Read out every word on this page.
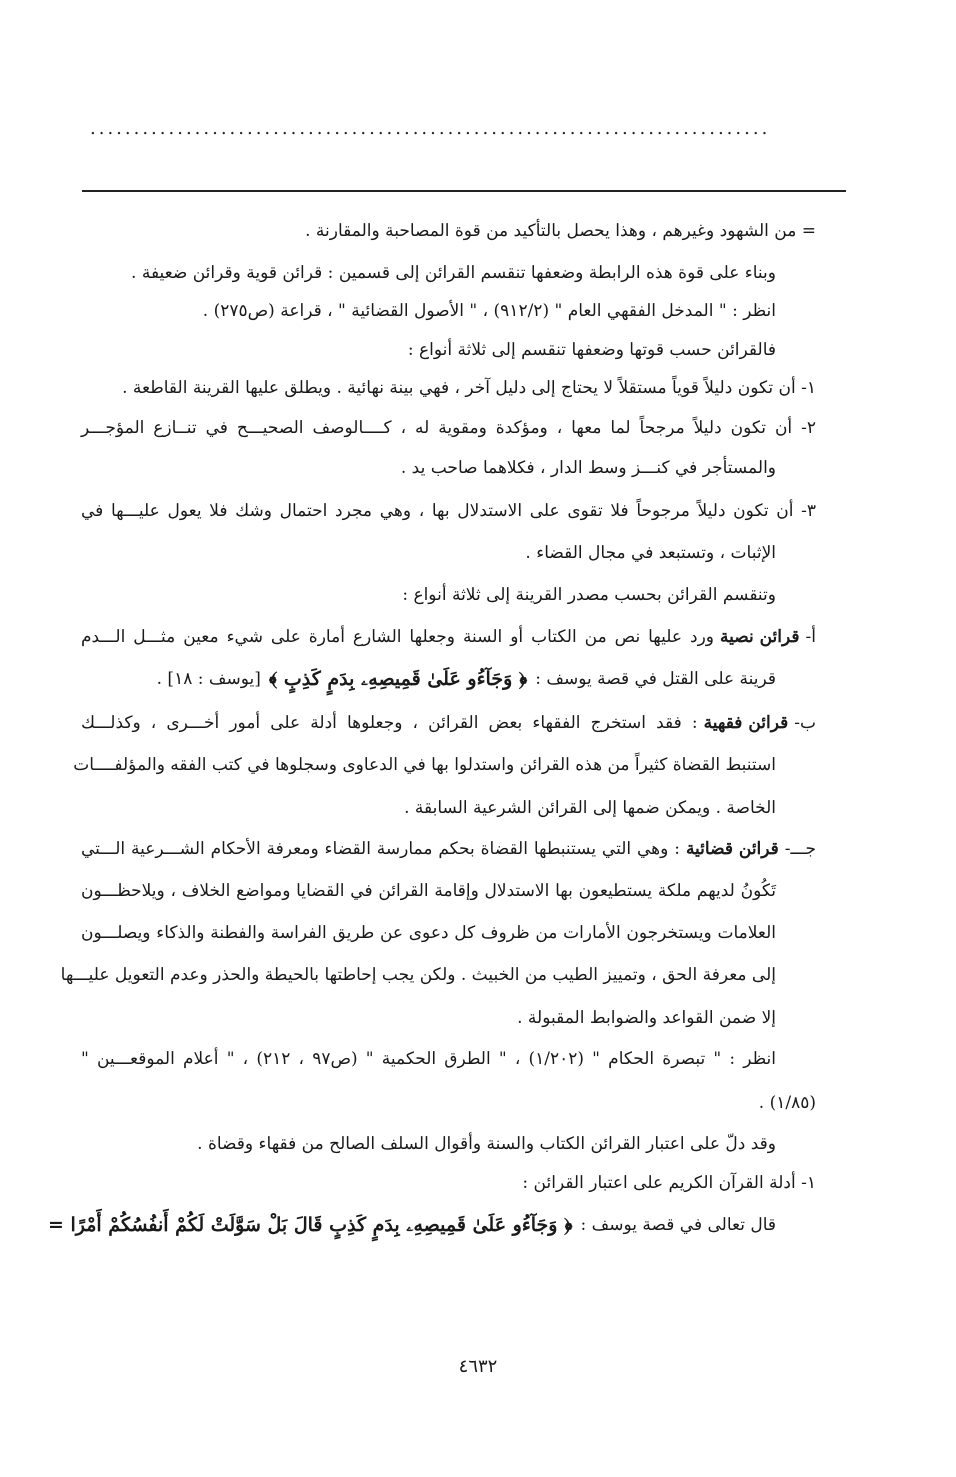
..............................................................................
= من الشهود وغيرهم ، وهذا يحصل بالتأكيد من قوة المصاحبة والمقارنة .
وبناء على قوة هذه الرابطة وضعفها تنقسم القرائن إلى قسمين : قرائن قوية وقرائن ضعيفة .
انظر : " المدخل الفقهي العام " (٢/٢‏٩١) ، " الأصول القضائية " ، قراعة (ص٢٧٥) .
فالقرائن حسب قوتها وضعفها تنقسم إلى ثلاثة أنواع :
١- أن تكون دليلاً قوياً مستقلاً لا يحتاج إلى دليل آخر ، فهي بينة نهائية . ويطلق عليها القرينة القاطعة .
٢- أن تكون دليلاً مرجحاً لما معها ، ومؤكدة ومقوية له ، كــــالوصف الصحيـــح في تنــازع المؤجـــر
والمستأجر في كنـــز وسط الدار ، فكلاهما صاحب يد .
٣- أن تكون دليلاً مرجوحاً فلا تقوى على الاستدلال بها ، وهي مجرد احتمال وشك فلا يعول عليـــها في
الإثبات ، وتستبعد في مجال القضاء .
وتنقسم القرائن بحسب مصدر القرينة إلى ثلاثة أنواع :
أ-
قرائن نصية
ورد عليها نص من الكتاب أو السنة وجعلها الشارع أمارة على شيء معين مثـــل الـــدم
قرينة على القتل في قصة يوسف :
﴿ وَجَآءُو عَلَىٰ قَمِيصِهِۦ بِدَمٍ كَذِبٍ ﴾
[يوسف : ١٨] .
ب-
قرائن فقهية
: فقد استخرج الفقهاء بعض القرائن ، وجعلوها أدلة على أمور أخـــرى ، وكذلـــك
استنبط القضاة كثيراً من هذه القرائن واستدلوا بها في الدعاوى وسجلوها في كتب الفقه والمؤلفــــات
الخاصة . ويمكن ضمها إلى القرائن الشرعية السابقة .
جـــ-
قرائن قضائية
: وهي التي يستنبطها القضاة بحكم ممارسة القضاء ومعرفة الأحكام الشـــرعية الـــتي
تَكُونُ لديهم ملكة يستطيعون بها الاستدلال وإقامة القرائن في القضايا ومواضع الخلاف ، ويلاحظـــون
العلامات ويستخرجون الأمارات من ظروف كل دعوى عن طريق الفراسة والفطنة والذكاء ويصلـــون
إلى معرفة الحق ، وتمييز الطيب من الخبيث . ولكن يجب إحاطتها بالحيطة والحذر وعدم التعويل عليـــها
إلا ضمن القواعد والضوابط المقبولة .
انظر : " تبصرة الحكام " (١/٢٠٢) ، " الطرق الحكمية " (ص٩٧ ، ٢١٢) ، " أعلام الموقعـــين "
(١/٨٥) .
وقد دلّ على اعتبار القرائن الكتاب والسنة وأقوال السلف الصالح من فقهاء وقضاة .
١- أدلة القرآن الكريم على اعتبار القرائن :
قال تعالى في قصة يوسف :
﴿ وَجَآءُو عَلَىٰ قَمِيصِهِۦ بِدَمٍ كَذِبٍ قَالَ بَلْ سَوَّلَتْ لَكُمْ أَنفُسُكُمْ أَمْرًا =
٤٦٣٢
